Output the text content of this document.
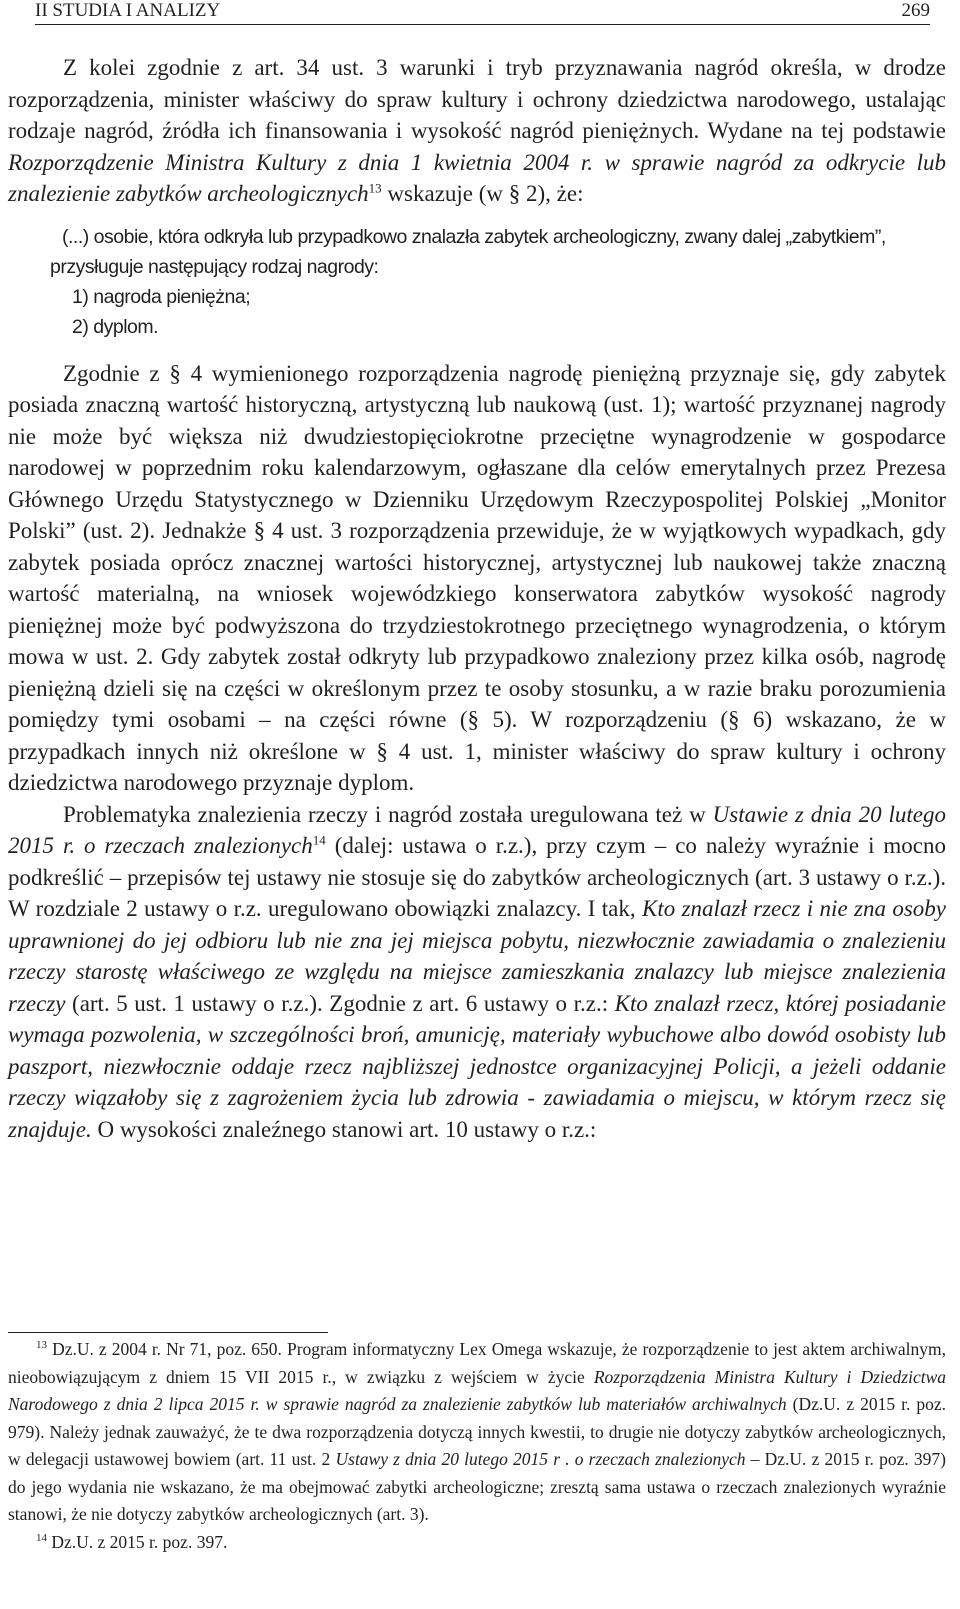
II STUDIA I ANALIZY	269

Z kolei zgodnie z art. 34 ust. 3 warunki i tryb przyznawania nagród określa, w drodze rozporządzenia, minister właściwy do spraw kultury i ochrony dziedzictwa narodowego, ustalając rodzaje nagród, źródła ich finansowania i wysokość nagród pieniężnych. Wydane na tej podstawie Rozporządzenie Ministra Kultury z dnia 1 kwietnia 2004 r. w sprawie nagród za odkrycie lub znalezienie zabytków archeologicznych$^{13}$ wskazuje (w § 2), że:

(...) osobie, która odkryła lub przypadkowo znalazła zabytek archeologiczny, zwany dalej „zabytkiem”, przysługuje następujący rodzaj nagrody:
1) nagroda pieniężna;
2) dyplom.

Zgodnie z § 4 wymienionego rozporządzenia nagrodę pieniężną przyznaje się, gdy zabytek posiada znaczną wartość historyczną, artystyczną lub naukową (ust. 1); wartość przyznanej nagrody nie może być większa niż dwudziestopięciokrotne przeciętne wynagrodzenie w gospodarce narodowej w poprzednim roku kalendarzowym, ogłaszane dla celów emerytalnych przez Prezesa Głównego Urzędu Statystycznego w Dzienniku Urzędowym Rzeczypospolitej Polskiej „Monitor Polski” (ust. 2). Jednakże § 4 ust. 3 rozporządzenia przewiduje, że w wyjątkowych wypadkach, gdy zabytek posiada oprócz znacznej wartości historycznej, artystycznej lub naukowej także znaczną wartość materialną, na wniosek wojewódzkiego konserwatora zabytków wysokość nagrody pieniężnej może być podwyższona do trzydziestokrotnego przeciętnego wynagrodzenia, o którym mowa w ust. 2. Gdy zabytek został odkryty lub przypadkowo znaleziony przez kilka osób, nagrodę pieniężną dzieli się na części w określonym przez te osoby stosunku, a w razie braku porozumienia pomiędzy tymi osobami – na części równe (§ 5). W rozporządzeniu (§ 6) wskazano, że w przypadkach innych niż określone w § 4 ust. 1, minister właściwy do spraw kultury i ochrony dziedzictwa narodowego przyznaje dyplom.

Problematyka znalezienia rzeczy i nagród została uregulowana też w Ustawie z dnia 20 lutego 2015 r. o rzeczach znalezionych$^{14}$ (dalej: ustawa o r.z.), przy czym – co należy wyraźnie i mocno podkreślić – przepisów tej ustawy nie stosuje się do zabytków archeologicznych (art. 3 ustawy o r.z.). W rozdziale 2 ustawy o r.z. uregulowano obowiązki znalazcy. I tak, Kto znalazł rzecz i nie zna osoby uprawnionej do jej odbioru lub nie zna jej miejsca pobytu, niezwłocznie zawiadamia o znalezieniu rzeczy starostę właściwego ze względu na miejsce zamieszkania znalazcy lub miejsce znalezienia rzeczy (art. 5 ust. 1 ustawy o r.z.). Zgodnie z art. 6 ustawy o r.z.: Kto znalazł rzecz, której posiadanie wymaga pozwolenia, w szczególności broń, amunicję, materiały wybuchowe albo dowód osobisty lub paszport, niezwłocznie oddaje rzecz najbliższej jednostce organizacyjnej Policji, a jeżeli oddanie rzeczy wiązałoby się z zagrożeniem życia lub zdrowia - zawiadamia o miejscu, w którym rzecz się znajduje. O wysokości znaleźnego stanowi art. 10 ustawy o r.z.:

$^{13}$ Dz.U. z 2004 r. Nr 71, poz. 650. Program informatyczny Lex Omega wskazuje, że rozporządzenie to jest aktem archiwalnym, nieobowiązującym z dniem 15 VII 2015 r., w związku z wejściem w życie Rozporządzenia Ministra Kultury i Dziedzictwa Narodowego z dnia 2 lipca 2015 r. w sprawie nagród za znalezienie zabytków lub materiałów archiwalnych (Dz.U. z 2015 r. poz. 979). Należy jednak zauważyć, że te dwa rozporządzenia dotyczą innych kwestii, to drugie nie dotyczy zabytków archeologicznych, w delegacji ustawowej bowiem (art. 11 ust. 2 Ustawy z dnia 20 lutego 2015 r . o rzeczach znalezionych – Dz.U. z 2015 r. poz. 397) do jego wydania nie wskazano, że ma obejmować zabytki archeologiczne; zresztą sama ustawa o rzeczach znalezionych wyraźnie stanowi, że nie dotyczy zabytków archeologicznych (art. 3).

$^{14}$ Dz.U. z 2015 r. poz. 397.
